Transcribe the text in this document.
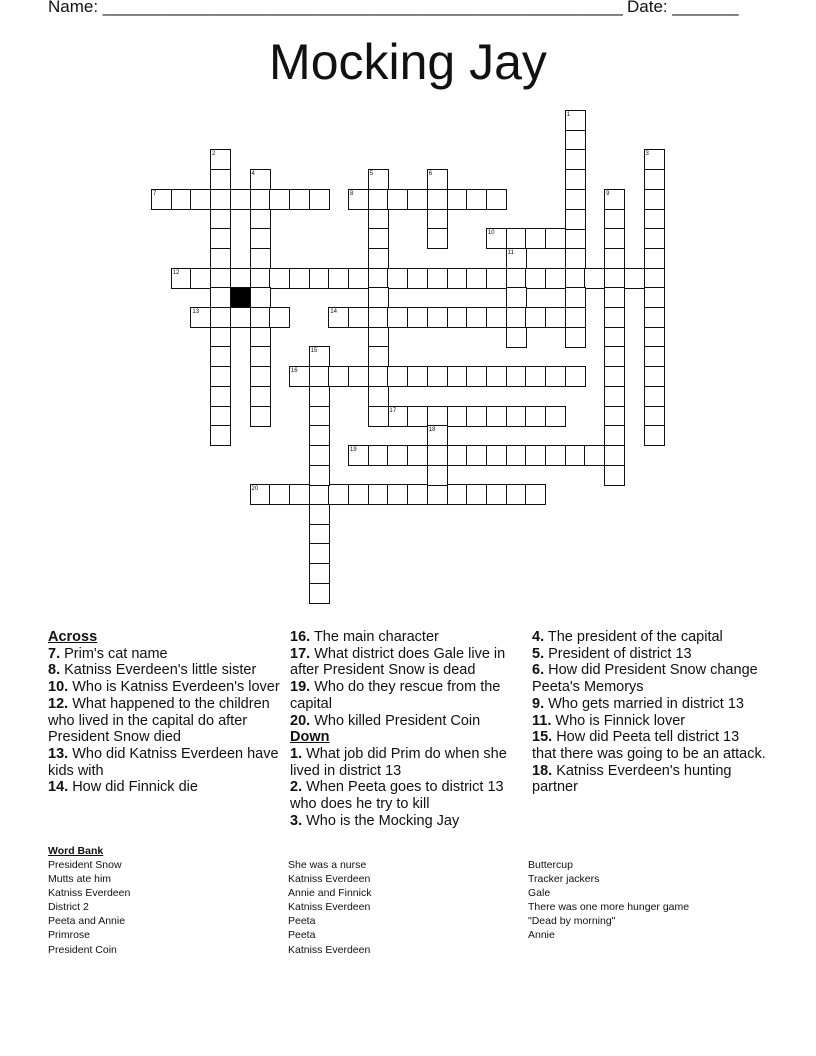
Name: _______________________________________________________ Date: _______
Mocking Jay
7	8
10
12
13	14
16
17
19
20
1
2	3
4	5	6
9
11
15
18

Across

7. Prim's cat name

8. Katniss Everdeen's little sister

10. Who is Katniss Everdeen's lover

12. What happened to the children who lived in the capital do after President Snow died

13. Who did Katniss Everdeen have kids with

14. How did Finnick die

16. The main character

17. What district does Gale live in after President Snow is dead

19. Who do they rescue from the capital

20. Who killed President Coin

Down

1. What job did Prim do when she lived in district 13

2. When Peeta goes to district 13 who does he try to kill

3. Who is the Mocking Jay

4. The president of the capital

5. President of district 13

6. How did President Snow change Peeta's Memorys

9. Who gets married in district 13

11. Who is Finnick lover

15. How did Peeta tell district 13 that there was going to be an attack.

18. Katniss Everdeen's hunting partner

Word Bank
President Snow
Mutts ate him
Katniss Everdeen
District 2
Peeta and Annie
Primrose
President Coin
She was a nurse
Katniss Everdeen
Annie and Finnick
Katniss Everdeen
Peeta
Peeta
Katniss Everdeen
Buttercup
Tracker jackers
Gale
There was one more hunger game
"Dead by morning"
Annie
